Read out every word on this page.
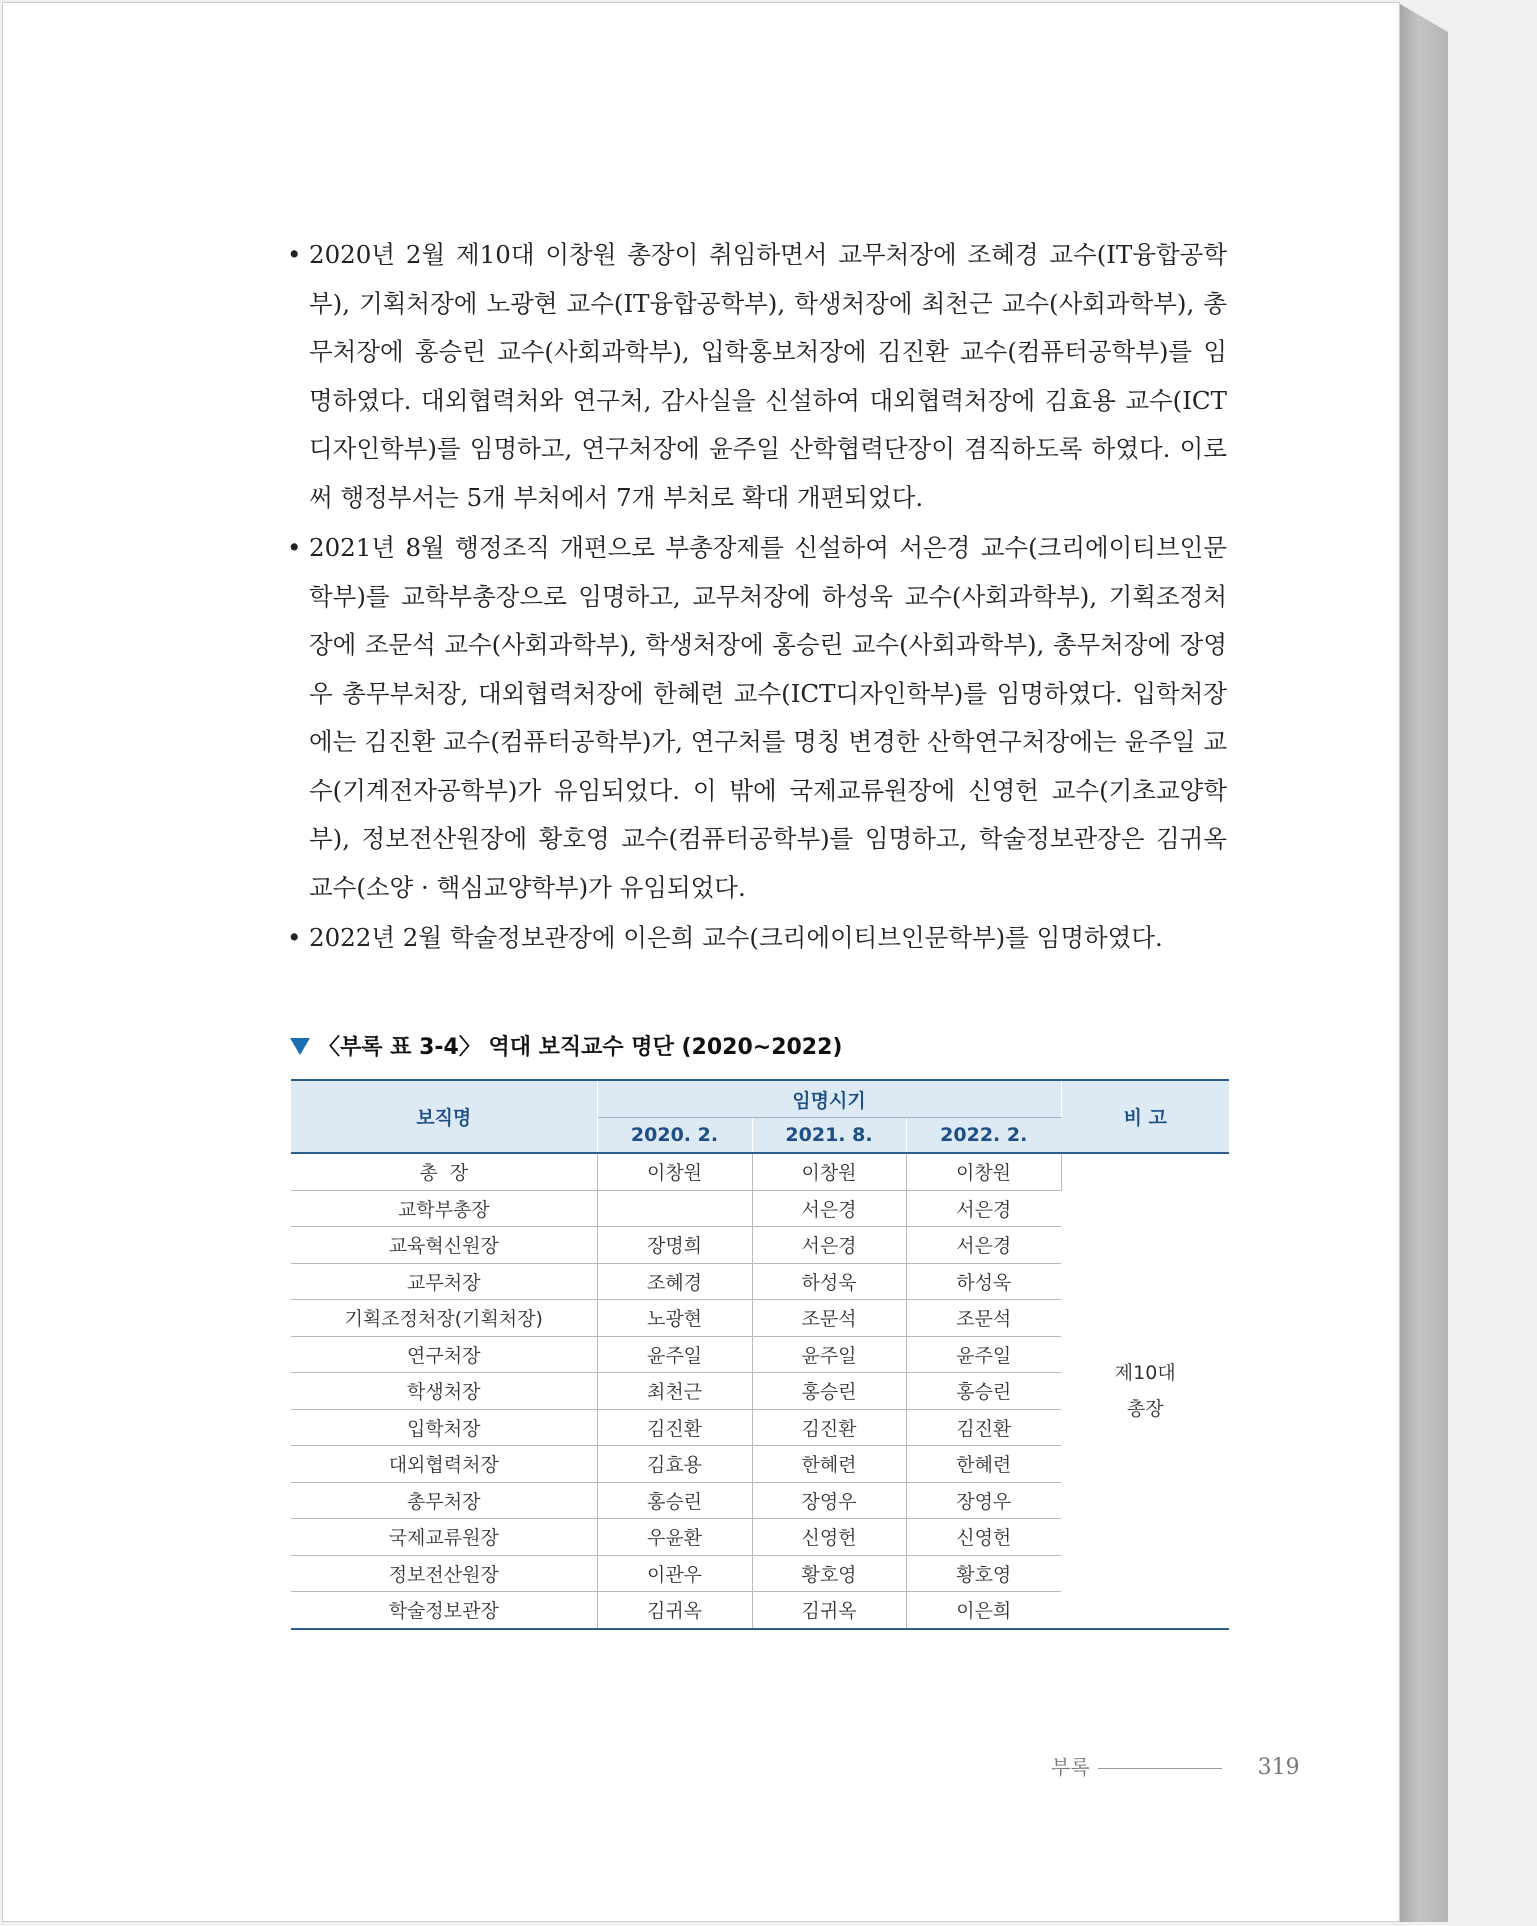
• 2020년 2월 제10대 이창원 총장이 취임하면서 교무처장에 조혜경 교수(IT융합공학부), 기획처장에 노광현 교수(IT융합공학부), 학생처장에 최천근 교수(사회과학부), 총무처장에 홍승린 교수(사회과학부), 입학홍보처장에 김진환 교수(컴퓨터공학부)를 임명하였다. 대외협력처와 연구처, 감사실을 신설하여 대외협력처장에 김효용 교수(ICT디자인학부)를 임명하고, 연구처장에 윤주일 산학협력단장이 겸직하도록 하였다. 이로써 행정부서는 5개 부처에서 7개 부처로 확대 개편되었다.

• 2021년 8월 행정조직 개편으로 부총장제를 신설하여 서은경 교수(크리에이티브인문학부)를 교학부총장으로 임명하고, 교무처장에 하성욱 교수(사회과학부), 기획조정처장에 조문석 교수(사회과학부), 학생처장에 홍승린 교수(사회과학부), 총무처장에 장영우 총무부처장, 대외협력처장에 한혜련 교수(ICT디자인학부)를 임명하였다. 입학처장에는 김진환 교수(컴퓨터공학부)가, 연구처를 명칭 변경한 산학연구처장에는 윤주일 교수(기계전자공학부)가 유임되었다. 이 밖에 국제교류원장에 신영헌 교수(기초교양학부), 정보전산원장에 황호영 교수(컴퓨터공학부)를 임명하고, 학술정보관장은 김귀옥 교수(소양 · 핵심교양학부)가 유임되었다.

• 2022년 2월 학술정보관장에 이은희 교수(크리에이티브인문학부)를 임명하였다.

〈부록 표 3-4〉 역대 보직교수 명단 (2020~2022)
보직명	임명시기			비 고
	2020. 2.	2021. 8.	2022. 2.	
총  장	이창원	이창원	이창원	제10대
총장

교학부총장		서은경	서은경	
교육혁신원장	장명희	서은경	서은경	
교무처장	조혜경	하성욱	하성욱	
기획조정처장(기획처장)	노광현	조문석	조문석	
연구처장	윤주일	윤주일	윤주일	
학생처장	최천근	홍승린	홍승린	
입학처장	김진환	김진환	김진환	
대외협력처장	김효용	한혜련	한혜련	
총무처장	홍승린	장영우	장영우	
국제교류원장	우윤환	신영헌	신영헌	
정보전산원장	이관우	황호영	황호영	
학술정보관장	김귀옥	김귀옥	이은희	
부록	319
